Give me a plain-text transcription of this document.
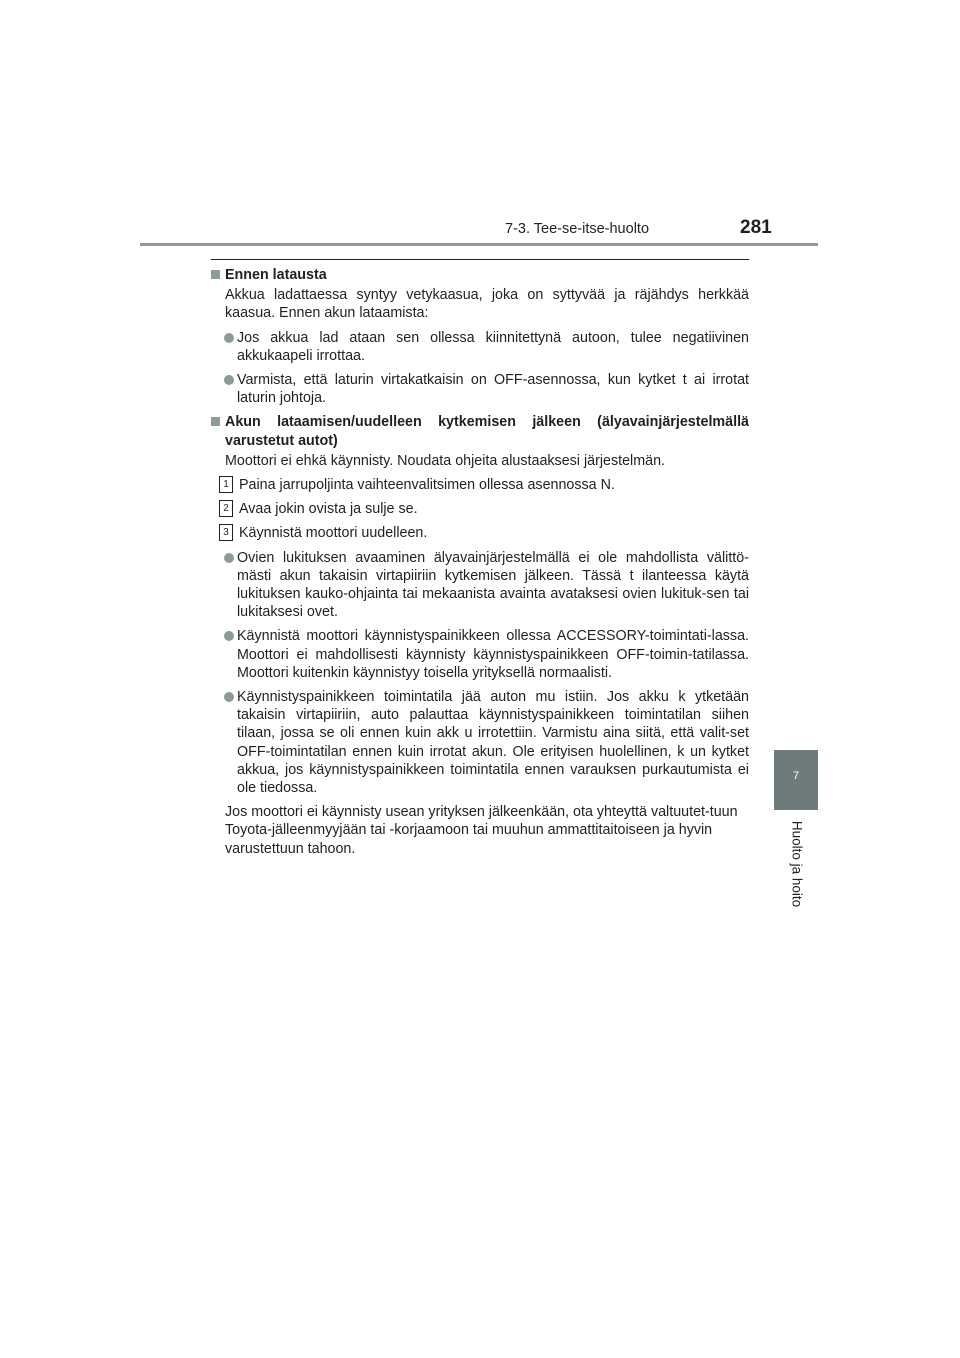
7-3. Tee-se-itse-huolto	281
7
Huolto ja hoito
Ennen latausta
Akkua ladattaessa syntyy vetykaasua, joka on syttyvää ja räjähdys herkkää kaasua. Ennen akun lataamista:
Jos akkua lad ataan sen ollessa kiinnitettynä autoon, tulee negatiivinen akkukaapeli irrottaa.
Varmista, että laturin virtakatkaisin on OFF-asennossa, kun kytket t ai irrotat laturin johtoja.
Akun lataamisen/uudelleen kytkemisen jälkeen (älyavainjärjestelmällä varustetut autot)
Moottori ei ehkä käynnisty. Noudata ohjeita alustaaksesi järjestelmän.
1 Paina jarrupoljinta vaihteenvalitsimen ollessa asennossa N.
2 Avaa jokin ovista ja sulje se.
3 Käynnistä moottori uudelleen.
Ovien lukituksen avaaminen älyavainjärjestelmällä ei ole mahdollista välittö-mästi akun takaisin virtapiiriin kytkemisen jälkeen. Tässä t ilanteessa käytä lukituksen kauko-ohjainta tai mekaanista avainta avataksesi ovien lukituk-sen tai lukitaksesi ovet.
Käynnistä moottori käynnistyspainikkeen ollessa ACCESSORY-toimintati-lassa. Moottori ei mahdollisesti käynnisty käynnistyspainikkeen OFF-toimin-tatilassa. Moottori kuitenkin käynnistyy toisella yrityksellä normaalisti.
Käynnistyspainikkeen toimintatila jää auton mu istiin. Jos akku k ytketään takaisin virtapiiriin, auto palauttaa käynnistyspainikkeen toimintatilan siihen tilaan, jossa se oli ennen kuin akk u irrotettiin. Varmistu aina siitä, että valit-set OFF-toimintatilan ennen kuin irrotat akun. Ole erityisen huolellinen, k un kytket akkua, jos käynnistyspainikkeen toimintatila ennen varauksen purkautumista ei ole tiedossa.
Jos moottori ei käynnisty usean yrityksen jälkeenkään, ota yhteyttä valtuutet-tuun Toyota-jälleenmyyjään tai -korjaamoon tai muuhun ammattitaitoiseen ja hyvin varustettuun tahoon.
